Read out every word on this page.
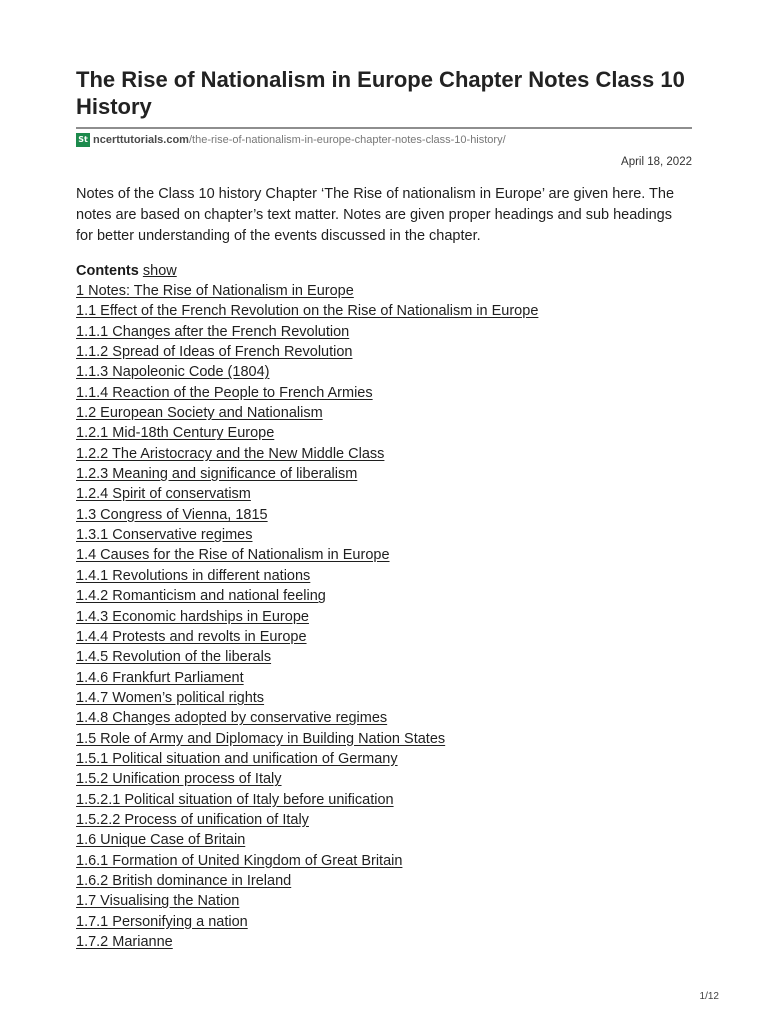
The Rise of Nationalism in Europe Chapter Notes Class 10 History
St ncerttutorials.com /the-rise-of-nationalism-in-europe-chapter-notes-class-10-history/
April 18, 2022

Notes of the Class 10 history Chapter ‘The Rise of nationalism in Europe’ are given here. The notes are based on chapter’s text matter. Notes are given proper headings and sub headings for better understanding of the events discussed in the chapter.

Contents show
1 Notes: The Rise of Nationalism in Europe
1.1 Effect of the French Revolution on the Rise of Nationalism in Europe
1.1.1 Changes after the French Revolution
1.1.2 Spread of Ideas of French Revolution
1.1.3 Napoleonic Code (1804)
1.1.4 Reaction of the People to French Armies
1.2 European Society and Nationalism
1.2.1 Mid-18th Century Europe
1.2.2 The Aristocracy and the New Middle Class
1.2.3 Meaning and significance of liberalism
1.2.4 Spirit of conservatism
1.3 Congress of Vienna, 1815
1.3.1 Conservative regimes
1.4 Causes for the Rise of Nationalism in Europe
1.4.1 Revolutions in different nations
1.4.2 Romanticism and national feeling
1.4.3 Economic hardships in Europe
1.4.4 Protests and revolts in Europe
1.4.5 Revolution of the liberals
1.4.6 Frankfurt Parliament
1.4.7 Women’s political rights
1.4.8 Changes adopted by conservative regimes
1.5 Role of Army and Diplomacy in Building Nation States
1.5.1 Political situation and unification of Germany
1.5.2 Unification process of Italy
1.5.2.1 Political situation of Italy before unification
1.5.2.2 Process of unification of Italy
1.6 Unique Case of Britain
1.6.1 Formation of United Kingdom of Great Britain
1.6.2 British dominance in Ireland
1.7 Visualising the Nation
1.7.1 Personifying a nation
1.7.2 Marianne
1/12
